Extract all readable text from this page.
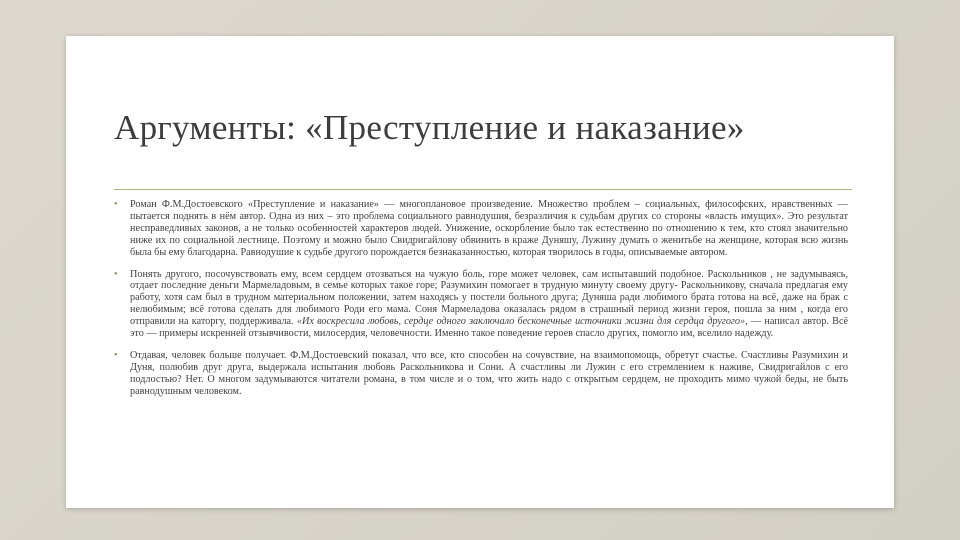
Аргументы: «Преступление и наказание»
• Роман Ф.М.Достоевского «Преступление и наказание» — многоплановое произведение. Множество проблем – социальных, философских, нравственных — пытается поднять в нём автор. Одна из них – это проблема социального равнодушия, безразличия к судьбам других со стороны «власть имущих». Это результат несправедливых законов, а не только особенностей характеров людей. Унижение, оскорбление было так естественно по отношению к тем, кто стоял значительно ниже их по социальной лестнице. Поэтому и можно было Свидригайлову обвинить в краже Дуняшу, Лужину думать о женитьбе на женщине, которая всю жизнь была бы ему благодарна. Равнодушие к судьбе другого порождается безнаказанностью, которая творилось в годы, описываемые автором.
• Понять другого, посочувствовать ему, всем сердцем отозваться на чужую боль, горе может человек, сам испытавший подобное. Раскольников , не задумываясь, отдает последние деньги Мармеладовым, в семье которых такое горе; Разумихин помогает в трудную минуту своему другу- Раскольникову, сначала предлагая ему работу, хотя сам был в трудном материальном положении, затем находясь у постели больного друга; Дуняша ради любимого брата готова на всё, даже на брак с нелюбимым; всё готова сделать для любимого Роди его мама. Соня Мармеладова оказалась рядом в страшный период жизни героя, пошла за ним , когда его отправили на каторгу, поддерживала. «Их воскресила любовь, сердце одного заключало бесконечные источники жизни для сердца другого», — написал автор. Всё это — примеры искренней отзывчивости, милосердия, человечности. Именно такое поведение героев спасло других, помогло им, вселило надежду.
• Отдавая, человек больше получает. Ф.М.Достоевский показал, что все, кто способен на сочувствие, на взаимопомощь, обретут счастье. Счастливы Разумихин и Дуня, полюбив друг друга, выдержала испытания любовь Раскольникова и Сони. А счастливы ли Лужин с его стремлением к наживе, Свидригайлов с его подлостью? Нет. О многом задумываются читатели романа, в том числе и о том, что жить надо с открытым сердцем, не проходить мимо чужой беды, не быть равнодушным человеком.
